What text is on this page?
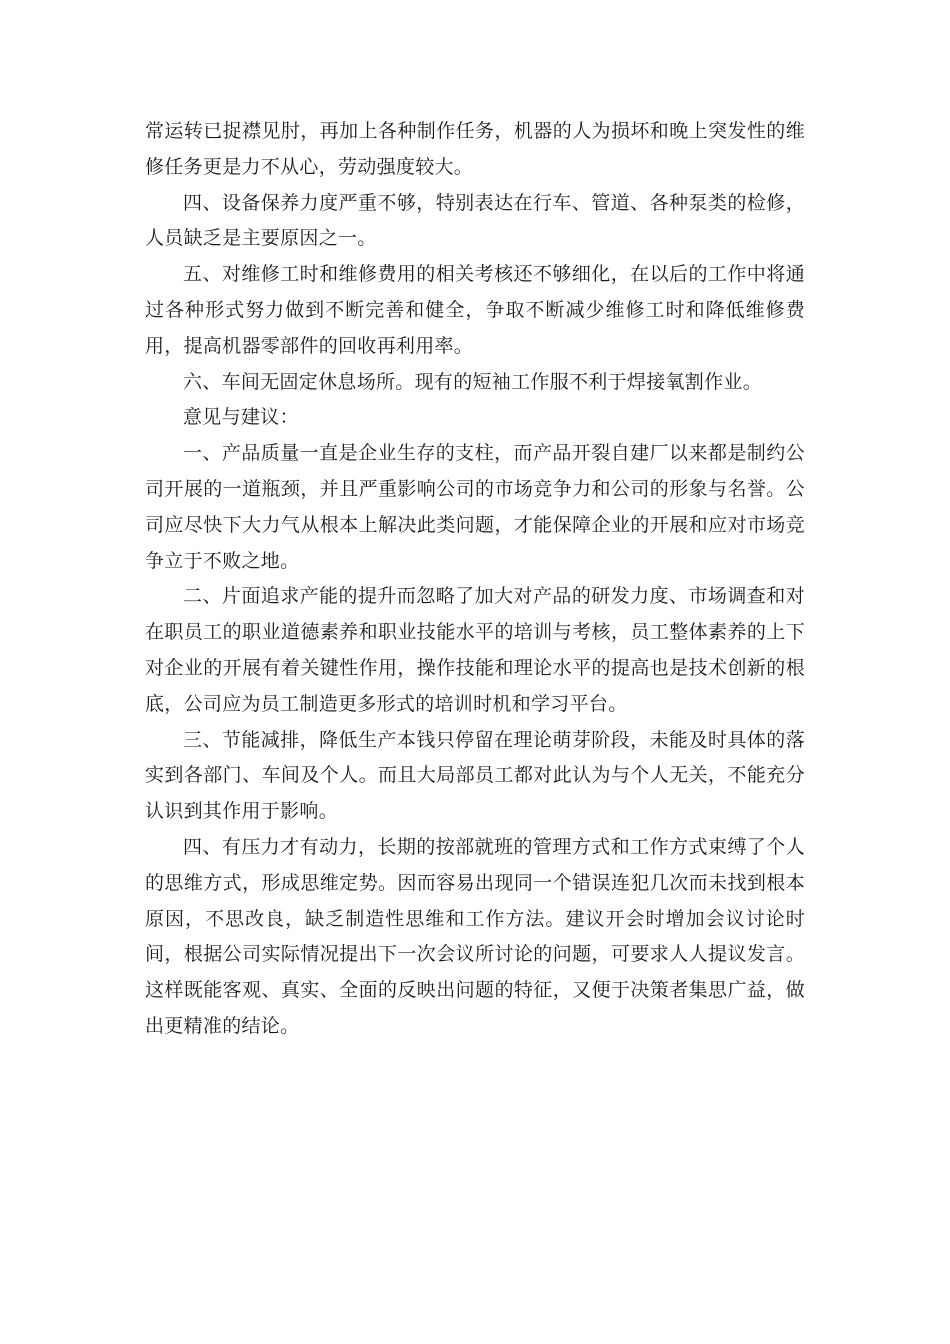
常运转已捉襟见肘，再加上各种制作任务，机器的人为损坏和晚上突发性的维修任务更是力不从心，劳动强度较大。

四、设备保养力度严重不够，特别表达在行车、管道、各种泵类的检修，人员缺乏是主要原因之一。

五、对维修工时和维修费用的相关考核还不够细化，在以后的工作中将通过各种形式努力做到不断完善和健全，争取不断减少维修工时和降低维修费用，提高机器零部件的回收再利用率。

六、车间无固定休息场所。现有的短袖工作服不利于焊接氧割作业。

意见与建议：

一、产品质量一直是企业生存的支柱，而产品开裂自建厂以来都是制约公司开展的一道瓶颈，并且严重影响公司的市场竞争力和公司的形象与名誉。公司应尽快下大力气从根本上解决此类问题，才能保障企业的开展和应对市场竞争立于不败之地。

二、片面追求产能的提升而忽略了加大对产品的研发力度、市场调查和对在职员工的职业道德素养和职业技能水平的培训与考核，员工整体素养的上下对企业的开展有着关键性作用，操作技能和理论水平的提高也是技术创新的根底，公司应为员工制造更多形式的培训时机和学习平台。

三、节能减排，降低生产本钱只停留在理论萌芽阶段，未能及时具体的落实到各部门、车间及个人。而且大局部员工都对此认为与个人无关，不能充分认识到其作用于影响。

四、有压力才有动力，长期的按部就班的管理方式和工作方式束缚了个人的思维方式，形成思维定势。因而容易出现同一个错误连犯几次而未找到根本原因，不思改良，缺乏制造性思维和工作方法。建议开会时增加会议讨论时间，根据公司实际情况提出下一次会议所讨论的问题，可要求人人提议发言。这样既能客观、真实、全面的反映出问题的特征，又便于决策者集思广益，做出更精准的结论。
